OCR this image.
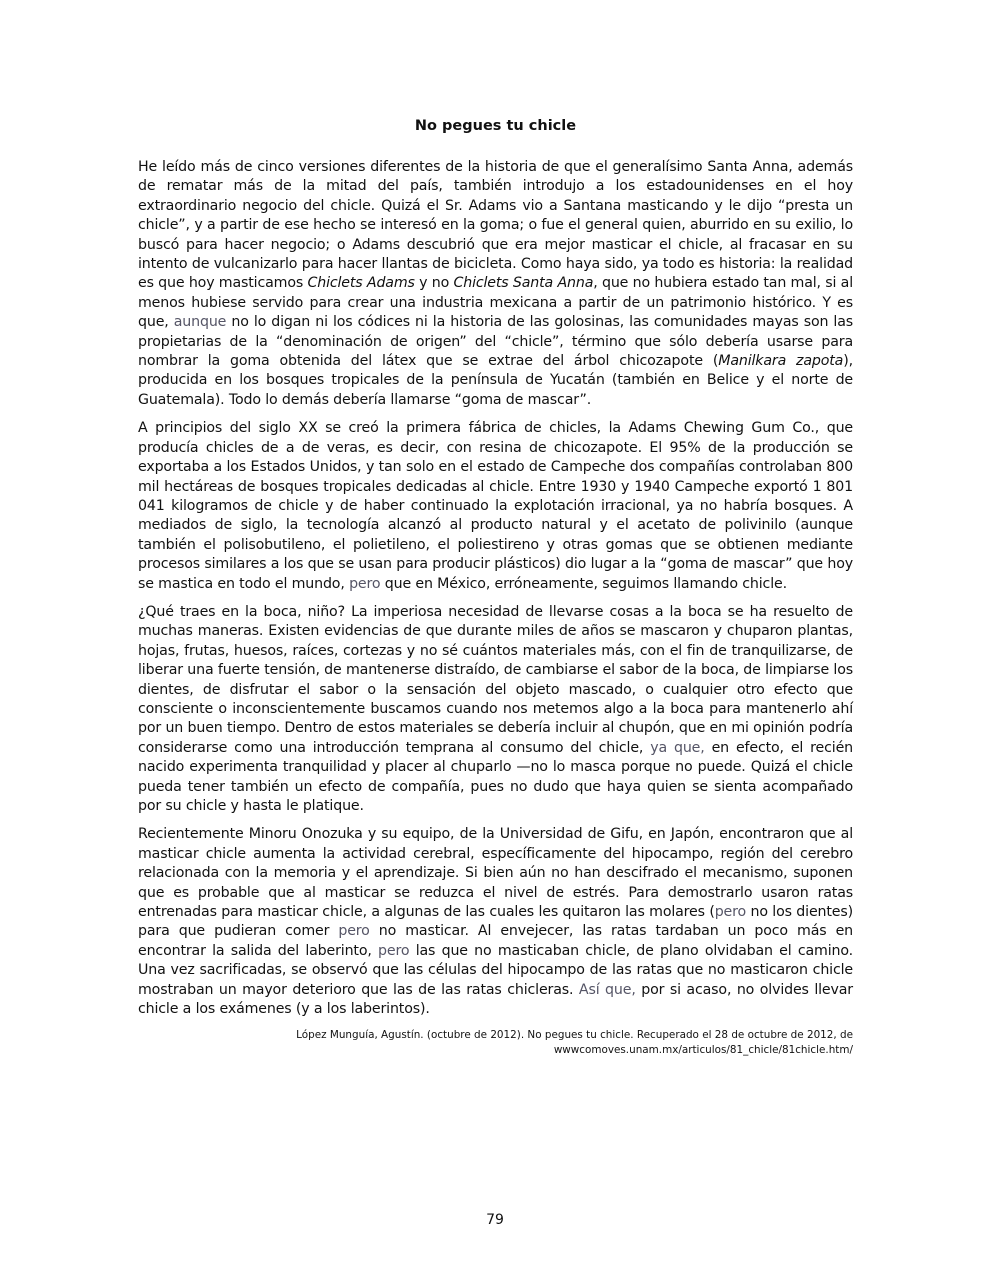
No pegues tu chicle

He leído más de cinco versiones diferentes de la historia de que el generalísimo Santa Anna, además de rematar más de la mitad del país, también introdujo a los estadounidenses en el hoy extraordinario negocio del chicle. Quizá el Sr. Adams vio a Santana masticando y le dijo “presta un chicle”, y a partir de ese hecho se interesó en la goma; o fue el general quien, aburrido en su exilio, lo buscó para hacer negocio; o Adams descubrió que era mejor masticar el chicle, al fracasar en su intento de vulcanizarlo para hacer llantas de bicicleta. Como haya sido, ya todo es historia: la realidad es que hoy masticamos Chiclets Adams y no Chiclets Santa Anna, que no hubiera estado tan mal, si al menos hubiese servido para crear una industria mexicana a partir de un patrimonio histórico. Y es que, aunque no lo digan ni los códices ni la historia de las golosinas, las comunidades mayas son las propietarias de la “denominación de origen” del “chicle”, término que sólo debería usarse para nombrar la goma obtenida del látex que se extrae del árbol chicozapote (Manilkara zapota), producida en los bosques tropicales de la península de Yucatán (también en Belice y el norte de Guatemala). Todo lo demás debería llamarse “goma de mascar”.

A principios del siglo XX se creó la primera fábrica de chicles, la Adams Chewing Gum Co., que producía chicles de a de veras, es decir, con resina de chicozapote. El 95% de la producción se exportaba a los Estados Unidos, y tan solo en el estado de Campeche dos compañías controlaban 800 mil hectáreas de bosques tropicales dedicadas al chicle. Entre 1930 y 1940 Campeche exportó 1 801 041 kilogramos de chicle y de haber continuado la explotación irracional, ya no habría bosques. A mediados de siglo, la tecnología alcanzó al producto natural y el acetato de polivinilo (aunque también el polisobutileno, el polietileno, el poliestireno y otras gomas que se obtienen mediante procesos similares a los que se usan para producir plásticos) dio lugar a la “goma de mascar” que hoy se mastica en todo el mundo, pero que en México, erróneamente, seguimos llamando chicle.

¿Qué traes en la boca, niño? La imperiosa necesidad de llevarse cosas a la boca se ha resuelto de muchas maneras. Existen evidencias de que durante miles de años se mascaron y chuparon plantas, hojas, frutas, huesos, raíces, cortezas y no sé cuántos materiales más, con el fin de tranquilizarse, de liberar una fuerte tensión, de mantenerse distraído, de cambiarse el sabor de la boca, de limpiarse los dientes, de disfrutar el sabor o la sensación del objeto mascado, o cualquier otro efecto que consciente o inconscientemente buscamos cuando nos metemos algo a la boca para mantenerlo ahí por un buen tiempo. Dentro de estos materiales se debería incluir al chupón, que en mi opinión podría considerarse como una introducción temprana al consumo del chicle, ya que, en efecto, el recién nacido experimenta tranquilidad y placer al chuparlo —no lo masca porque no puede. Quizá el chicle pueda tener también un efecto de compañía, pues no dudo que haya quien se sienta acompañado por su chicle y hasta le platique.

Recientemente Minoru Onozuka y su equipo, de la Universidad de Gifu, en Japón, encontraron que al masticar chicle aumenta la actividad cerebral, específicamente del hipocampo, región del cerebro relacionada con la memoria y el aprendizaje. Si bien aún no han descifrado el mecanismo, suponen que es probable que al masticar se reduzca el nivel de estrés. Para demostrarlo usaron ratas entrenadas para masticar chicle, a algunas de las cuales les quitaron las molares (pero no los dientes) para que pudieran comer pero no masticar. Al envejecer, las ratas tardaban un poco más en encontrar la salida del laberinto, pero las que no masticaban chicle, de plano olvidaban el camino. Una vez sacrificadas, se observó que las células del hipocampo de las ratas que no masticaron chicle mostraban un mayor deterioro que las de las ratas chicleras. Así que, por si acaso, no olvides llevar chicle a los exámenes (y a los laberintos).

López Munguía, Agustín. (octubre de 2012). No pegues tu chicle. Recuperado el 28 de octubre de 2012, de
wwwcomoves.unam.mx/articulos/81_chicle/81chicle.htm/
79
